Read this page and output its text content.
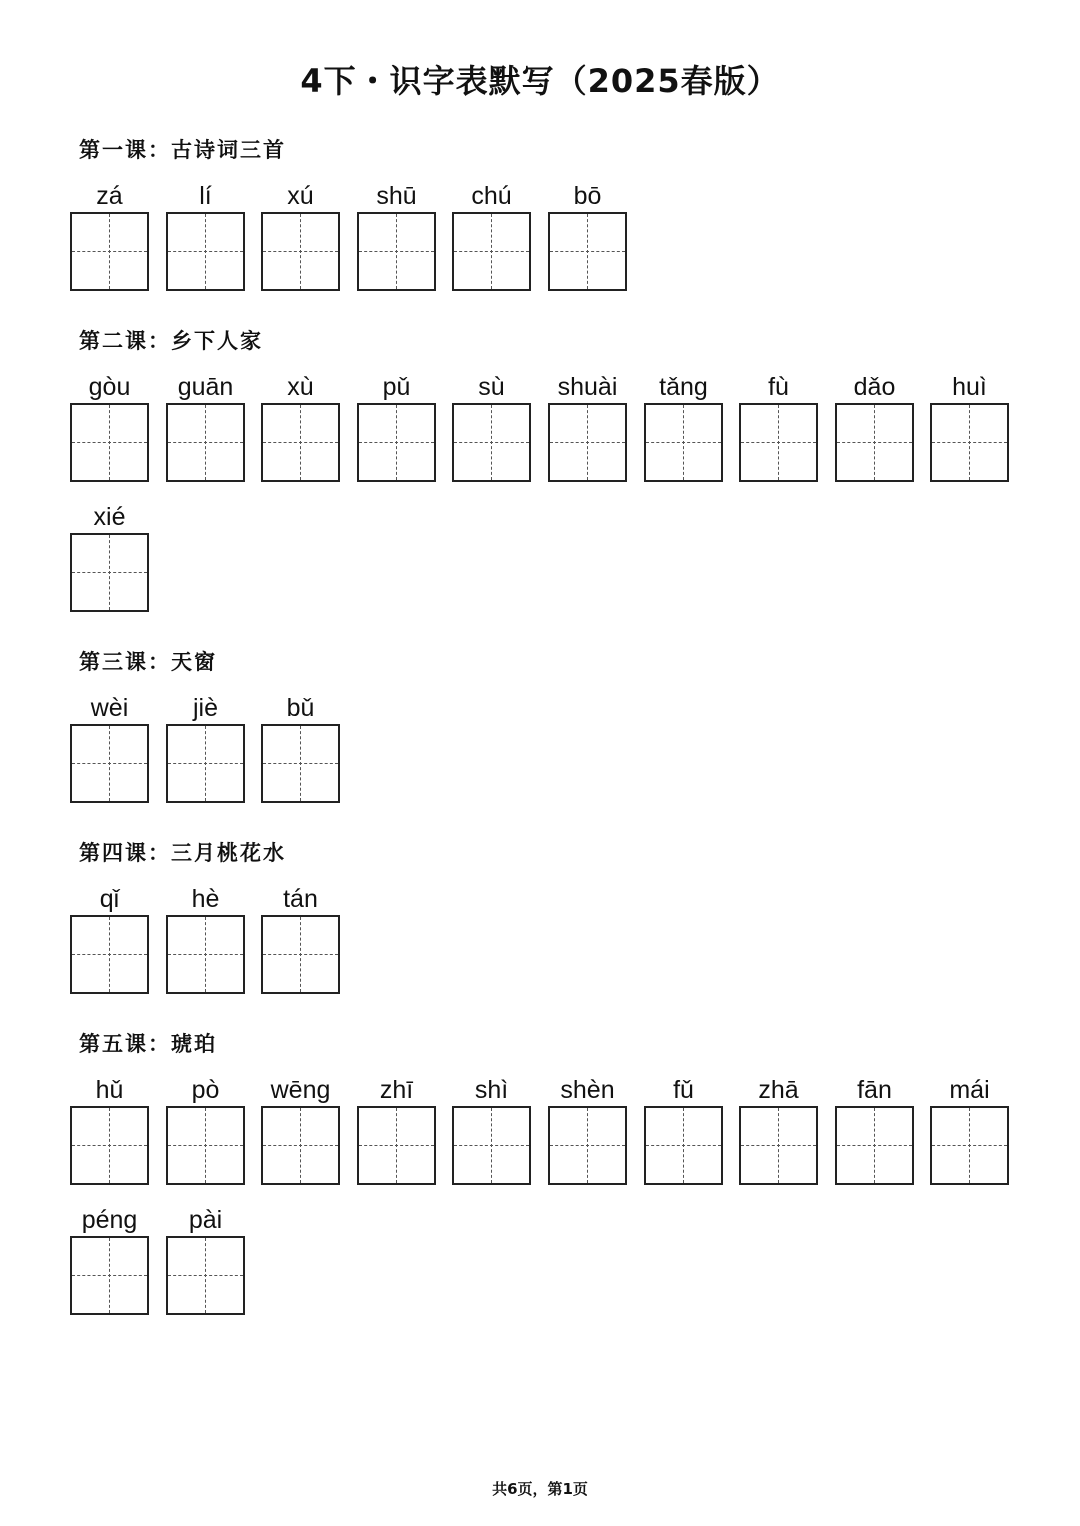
4下・识字表默写（2025春版）
第一课：古诗词三首
zá	lí	xú	shū	chú	bō
第二课：乡下人家
gòu	guān	xù	pǔ	sù	shuài	tǎng	fù	dǎo	huì
xié
第三课：天窗
wèi	jiè	bǔ
第四课：三月桃花水
qǐ	hè	tán
第五课：琥珀
hǔ	pò	wēng	zhī	shì	shèn	fǔ	zhā	fān	mái
péng	pài
共6页，第1页
